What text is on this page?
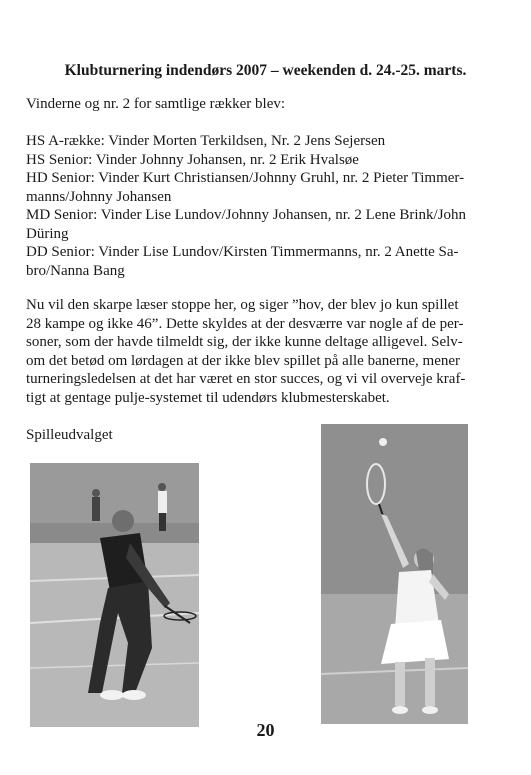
Klubturnering indendørs 2007 – weekenden d. 24.-25. marts.
Vinderne og nr. 2 for samtlige rækker blev:
HS A-række: Vinder Morten Terkildsen, Nr. 2 Jens Sejersen
HS Senior: Vinder Johnny Johansen, nr. 2 Erik Hvalsøe
HD Senior: Vinder Kurt Christiansen/Johnny Gruhl, nr. 2 Pieter Timmer-
manns/Johnny Johansen
MD Senior: Vinder Lise Lundov/Johnny Johansen, nr. 2 Lene Brink/John
Düring
DD Senior: Vinder Lise Lundov/Kirsten Timmermanns, nr. 2 Anette Sa-
bro/Nanna Bang
Nu vil den skarpe læser stoppe her, og siger ”hov, der blev jo kun spillet
28 kampe og ikke 46”. Dette skyldes at der desværre var nogle af de per-
soner, som der havde tilmeldt sig, der ikke kunne deltage alligevel. Selv-
om det betød om lørdagen at der ikke blev spillet på alle banerne, mener
turneringsledelsen at det har været en stor succes, og vi vil overveje kraf-
tigt at gentage pulje-systemet til udendørs klubmesterskabet.
Spilleudvalget
20
